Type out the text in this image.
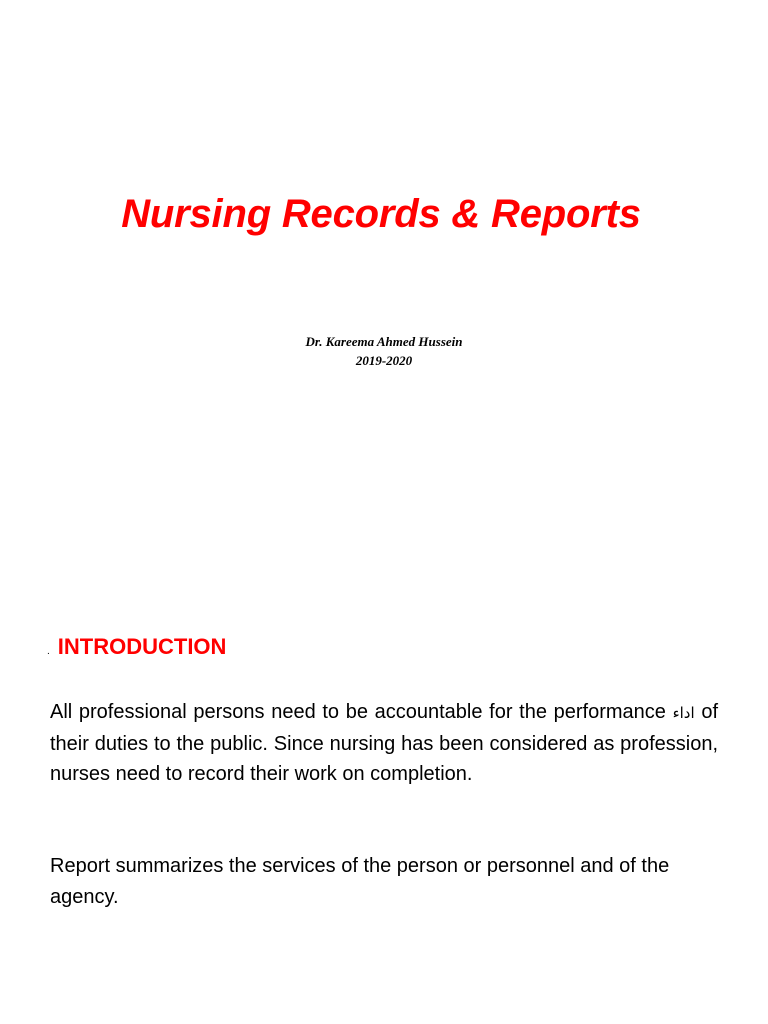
Nursing Records & Reports
Dr. Kareema Ahmed Hussein
2019-2020
. INTRODUCTION

All professional persons need to be accountable for the performance اداء of their duties to the public. Since nursing has been considered as profession, nurses need to record their work on completion.

Report summarizes the services of the person or personnel and of the agency.
